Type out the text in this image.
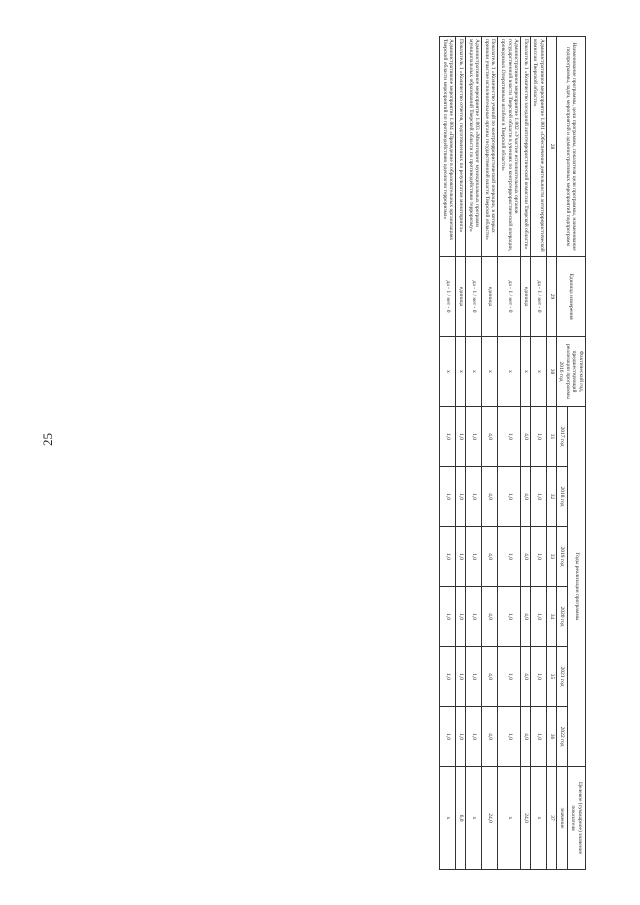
25
Наименование программы, цели программы, показателя цели программы, наименование подпрограммы, задач, мероприятий и административных мероприятий подпрограмм	Единица измерения	Фактический год, предшествующий реализации программы 2016 год	Годы реализации программы						Целевое (суммарное) значение показателя
			2017 год	2018 год	2019 год	2020 год	2021 год	2022 год	значение
28	29	30	31	32	33	34	35	36	37
Административное мероприятие 1.001 «Обеспечение деятельности антитеррористической комиссии Тверской области»	да - 1 / нет - 0	х	1,0	1,0	1,0	1,0	1,0	1,0	х
Показатель 1 «Количество заседаний антитеррористической комиссии Тверской области»	единица	х	4,0	4,0	4,0	4,0	4,0	4,0	24,0
Административное мероприятие 1.002 «Участие исполнительных органов государственной власти Тверской области в учениях по контртеррористической операции, проводимых Оперативным штабом в Тверской области»	да - 1 / нет - 0	х	1,0	1,0	1,0	1,0	1,0	1,0	х
Показатель 1 «Количество учений по контртеррористической операции, в которых принили участие исполнительные органы государственной власти Тверской области»	единица	х	4,0	4,0	4,0	4,0	4,0	4,0	24,0
Административное мероприятие 1.003 «Мониторинг муниципальных программ муниципальных образований Тверской области по противодействию терроризму»	да - 1 / нет - 0	х	1,0	1,0	1,0	1,0	1,0	1,0	х
Показатель 1 «Количество отчетов, подготовленных по результатам мониторинга»	единица	х	1,0	1,0	1,0	1,0	1,0	1,0	6,0
Административное мероприятие 1.004 «Проведение в образовательных организациях Тверской области мероприятий по противодействию идеологии терроризма»	да - 1 / нет - 0	х	1,0	1,0	1,0	1,0	1,0	1,0	х
